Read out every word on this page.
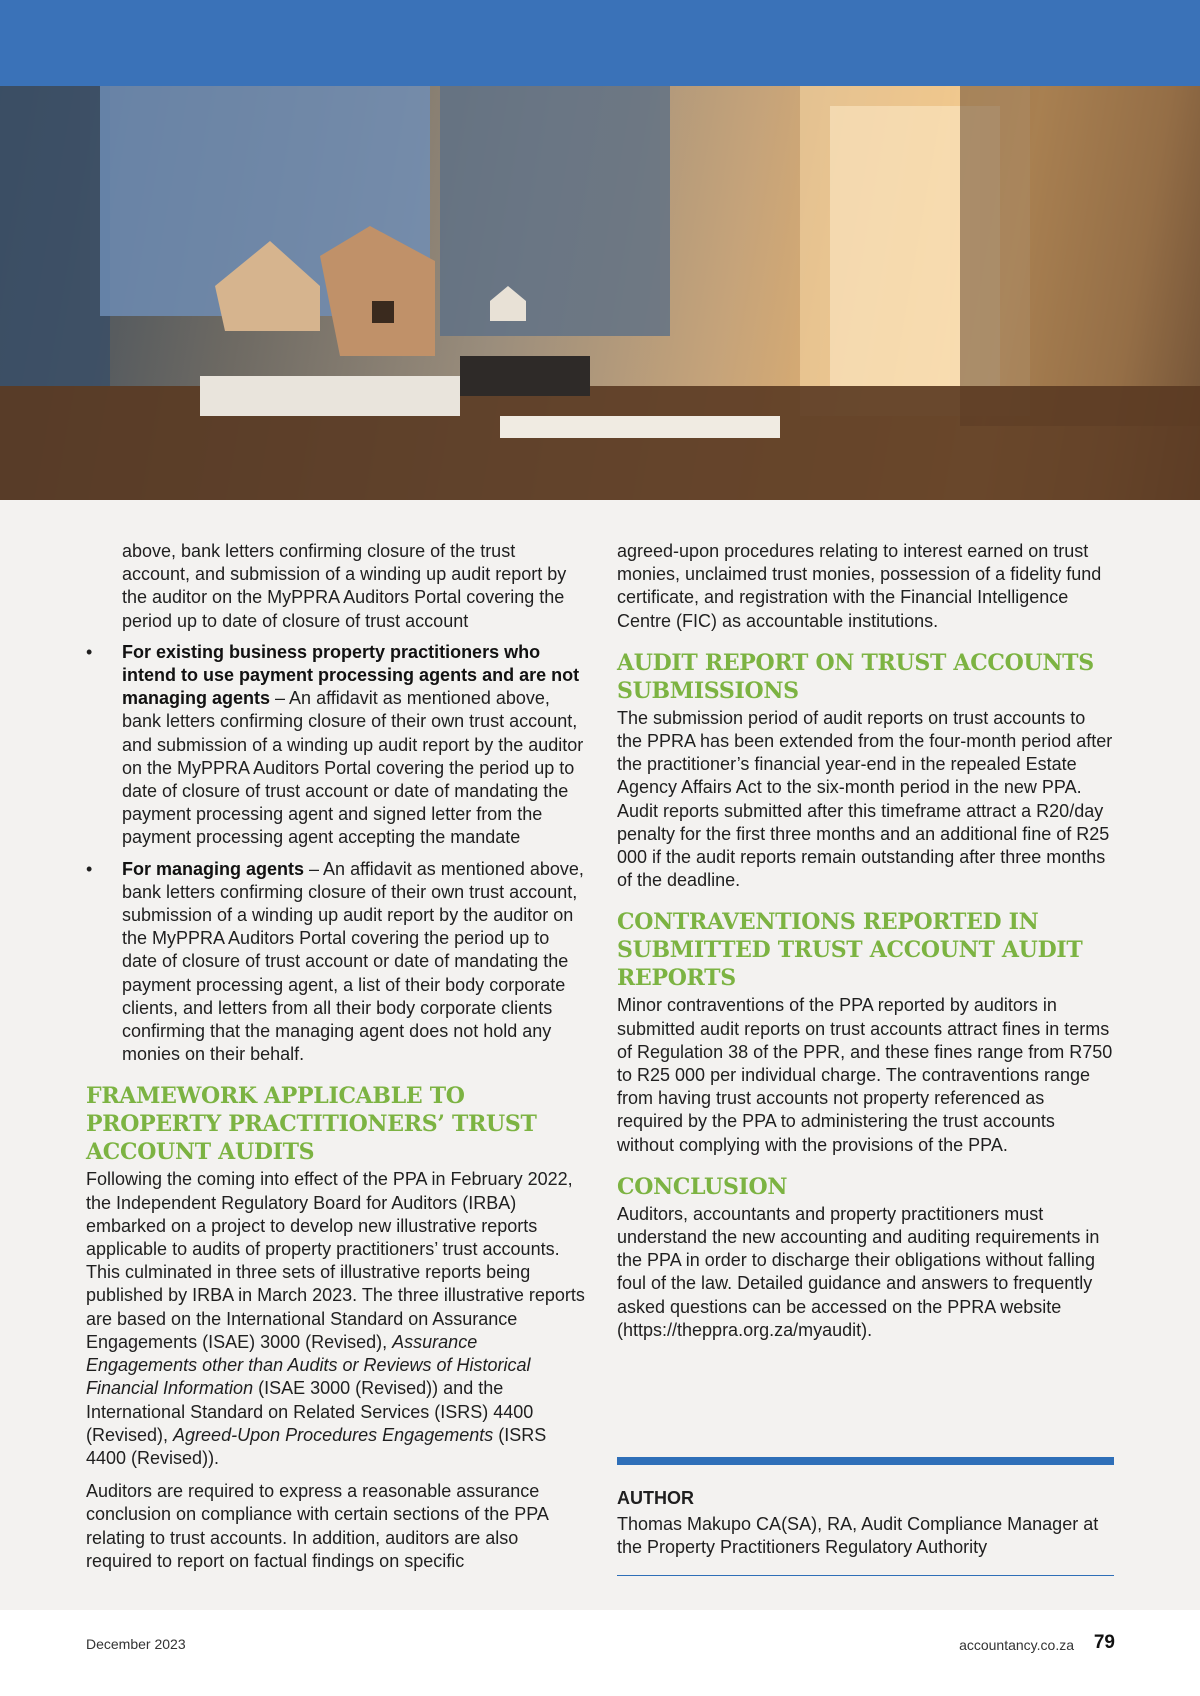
above, bank letters confirming closure of the trust account, and submission of a winding up audit report by the auditor on the MyPPRA Auditors Portal covering the period up to date of closure of trust account
• For existing business property practitioners who intend to use payment processing agents and are not managing agents – An affidavit as mentioned above, bank letters confirming closure of their own trust account, and submission of a winding up audit report by the auditor on the MyPPRA Auditors Portal covering the period up to date of closure of trust account or date of mandating the payment processing agent and signed letter from the payment processing agent accepting the mandate
• For managing agents – An affidavit as mentioned above, bank letters confirming closure of their own trust account, submission of a winding up audit report by the auditor on the MyPPRA Auditors Portal covering the period up to date of closure of trust account or date of mandating the payment processing agent, a list of their body corporate clients, and letters from all their body corporate clients confirming that the managing agent does not hold any monies on their behalf.
FRAMEWORK APPLICABLE TO PROPERTY PRACTITIONERS’ TRUST ACCOUNT AUDITS

Following the coming into effect of the PPA in February 2022, the Independent Regulatory Board for Auditors (IRBA) embarked on a project to develop new illustrative reports applicable to audits of property practitioners’ trust accounts. This culminated in three sets of illustrative reports being published by IRBA in March 2023. The three illustrative reports are based on the International Standard on Assurance Engagements (ISAE) 3000 (Revised), Assurance Engagements other than Audits or Reviews of Historical Financial Information (ISAE 3000 (Revised)) and the International Standard on Related Services (ISRS) 4400 (Revised), Agreed-Upon Procedures Engagements (ISRS 4400 (Revised)).

Auditors are required to express a reasonable assurance conclusion on compliance with certain sections of the PPA relating to trust accounts. In addition, auditors are also required to report on factual findings on specific

agreed-upon procedures relating to interest earned on trust monies, unclaimed trust monies, possession of a fidelity fund certificate, and registration with the Financial Intelligence Centre (FIC) as accountable institutions.

AUDIT REPORT ON TRUST ACCOUNTS SUBMISSIONS

The submission period of audit reports on trust accounts to the PPRA has been extended from the four-month period after the practitioner’s financial year-end in the repealed Estate Agency Affairs Act to the six-month period in the new PPA. Audit reports submitted after this timeframe attract a R20/day penalty for the first three months and an additional fine of R25 000 if the audit reports remain outstanding after three months of the deadline.

CONTRAVENTIONS REPORTED IN SUBMITTED TRUST ACCOUNT AUDIT REPORTS

Minor contraventions of the PPA reported by auditors in submitted audit reports on trust accounts attract fines in terms of Regulation 38 of the PPR, and these fines range from R750 to R25 000 per individual charge. The contraventions range from having trust accounts not property referenced as required by the PPA to administering the trust accounts without complying with the provisions of the PPA.

CONCLUSION

Auditors, accountants and property practitioners must understand the new accounting and auditing requirements in the PPA in order to discharge their obligations without falling foul of the law. Detailed guidance and answers to frequently asked questions can be accessed on the PPRA website (https://theppra.org.za/myaudit).

AUTHOR
Thomas Makupo CA(SA), RA, Audit Compliance Manager at the Property Practitioners Regulatory Authority
December 2023	accountancy.co.za 79
